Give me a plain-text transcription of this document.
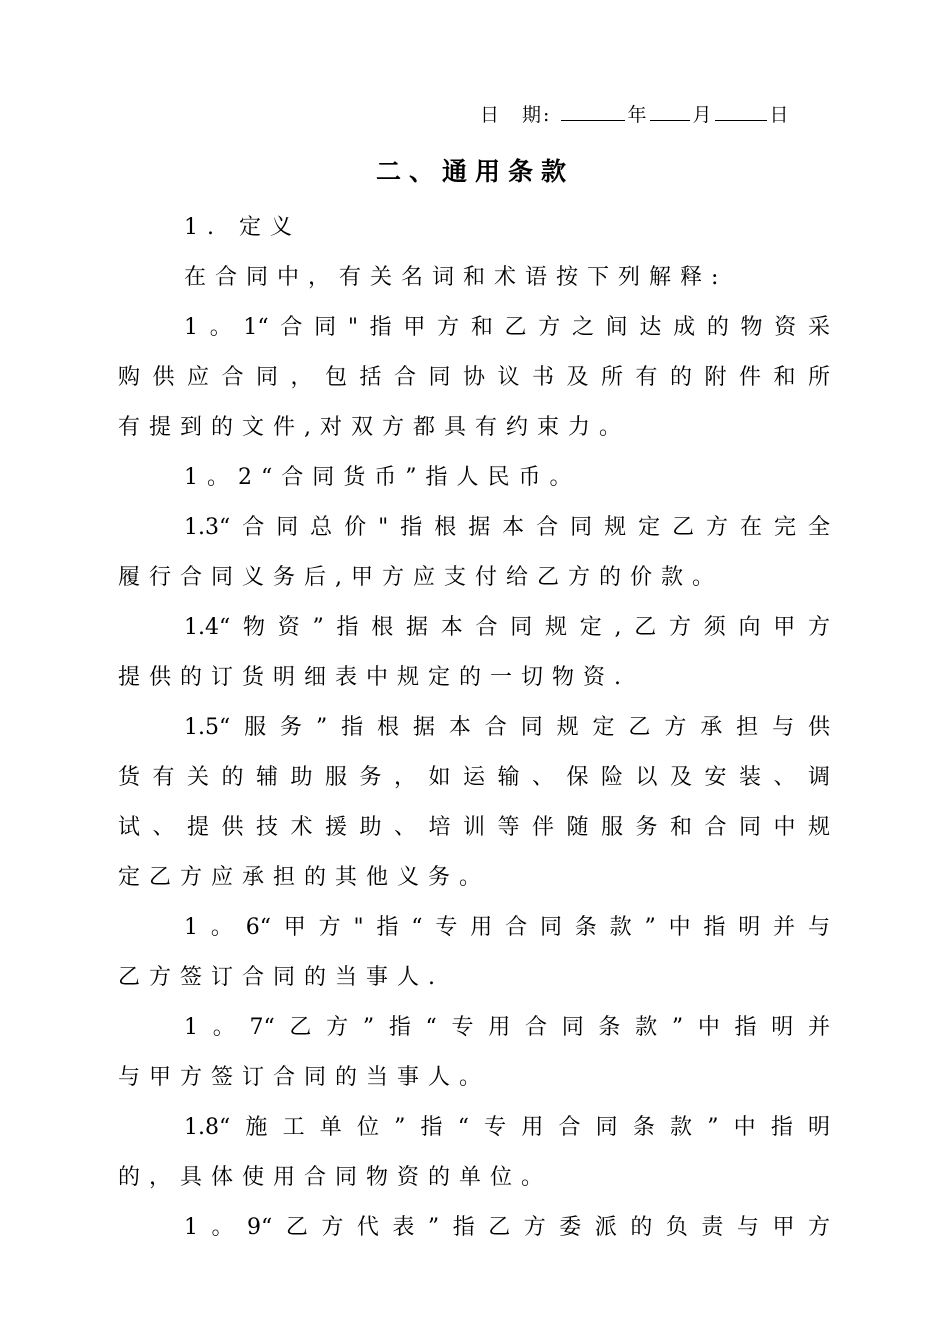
日　期:	年 月	日
二、通用条款
1. 定义
在合同中，有关名词和术语按下列解释:
1。1“合同"指甲方和乙方之间达成的物资采
购供应合同，包括合同协议书及所有的附件和所
有提到的文件,对双方都具有约束力。
1。2“合同货币”指人民币。
1.3“合同总价"指根据本合同规定乙方在完全
履行合同义务后,甲方应支付给乙方的价款。
1.4“物资”指根据本合同规定,乙方须向甲方
提供的订货明细表中规定的一切物资.
1.5“服务”指根据本合同规定乙方承担与供
货有关的辅助服务，如运输、保险以及安装、调
试、提供技术援助、培训等伴随服务和合同中规
定乙方应承担的其他义务。
1。6“甲方"指“专用合同条款”中指明并与
乙方签订合同的当事人.
1。7“乙方”指“专用合同条款”中指明并
与甲方签订合同的当事人。
1.8“施工单位”指“专用合同条款”中指明
的，具体使用合同物资的单位。
1。9“乙方代表”指乙方委派的负责与甲方
